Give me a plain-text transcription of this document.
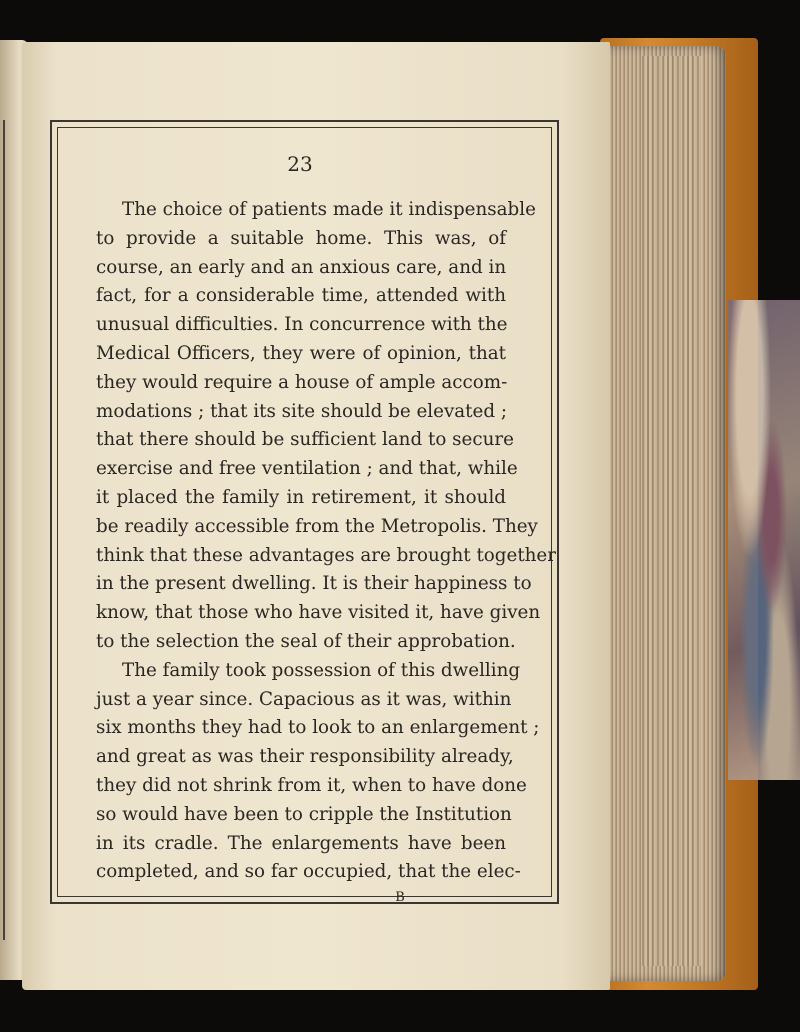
23
The choice of patients made it indispensable
to provide a suitable home. This was, of
course, an early and an anxious care, and in
fact, for a considerable time, attended with
unusual difficulties. In concurrence with the
Medical Officers, they were of opinion, that
they would require a house of ample accom-
modations ; that its site should be elevated ;
that there should be sufficient land to secure
exercise and free ventilation ; and that, while
it placed the family in retirement, it should
be readily accessible from the Metropolis. They
think that these advantages are brought together
in the present dwelling. It is their happiness to
know, that those who have visited it, have given
to the selection the seal of their approbation.
The family took possession of this dwelling
just a year since. Capacious as it was, within
six months they had to look to an enlargement ;
and great as was their responsibility already,
they did not shrink from it, when to have done
so would have been to cripple the Institution
in its cradle. The enlargements have been
completed, and so far occupied, that the elec-
B
